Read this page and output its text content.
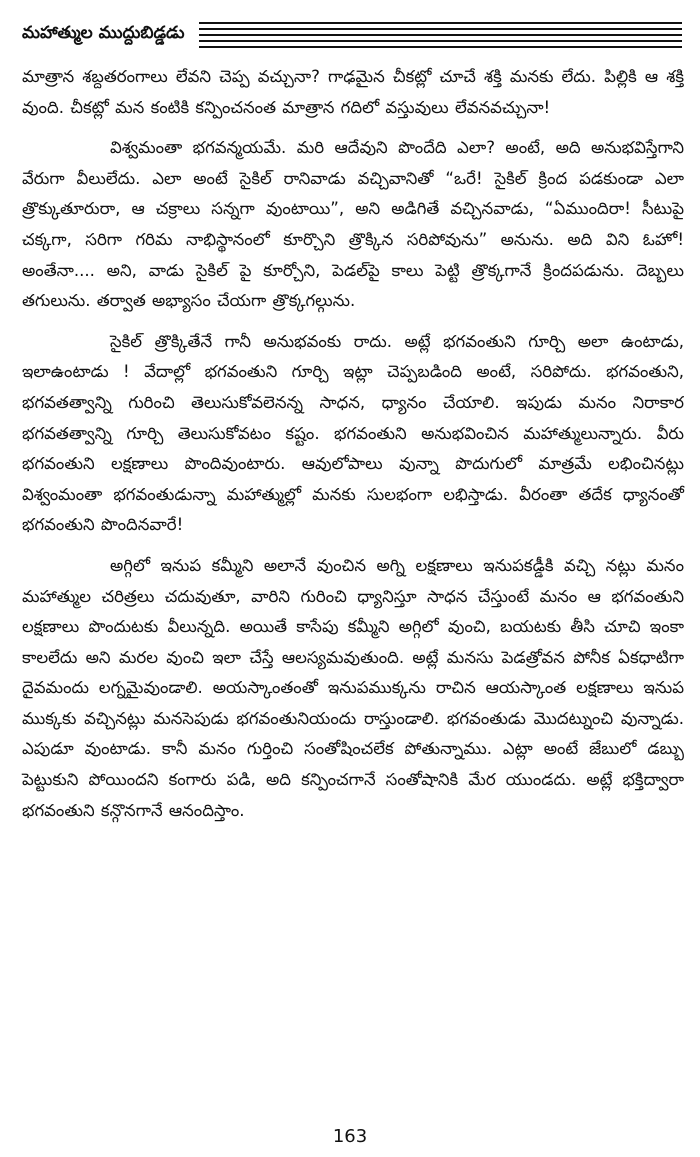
మహాత్ముల ముద్దుబిడ్డడు

మాత్రాన శబ్దతరంగాలు లేవని చెప్ప వచ్చునా? గాఢమైన చీకట్లో చూచే శక్తి మనకు లేదు. పిల్లికి ఆ శక్తి వుంది. చీకట్లో మన కంటికి కన్పించనంత మాత్రాన గదిలో వస్తువులు లేవనవచ్చునా!

విశ్వమంతా భగవన్మయమే. మరి ఆదేవుని పొందేది ఎలా? అంటే, అది అనుభవిస్తేగాని వేరుగా వీలులేదు. ఎలా అంటే సైకిల్ రానివాడు వచ్చివానితో “ఒరే! సైకిల్ క్రింద పడకుండా ఎలా త్రొక్కుతూరురా, ఆ చక్రాలు సన్నగా వుంటాయి”, అని అడిగితే వచ్చినవాడు, “ఏముందిరా! సీటుపై చక్కగా, సరిగా గరిమ నాభిస్థానంలో కూర్చొని త్రొక్కిన సరిపోవును” అనును. అది విని ఓహో! అంతేనా.... అని, వాడు సైకిల్ పై కూర్చోని, పెడల్‌పై కాలు పెట్టి త్రొక్కగానే క్రిందపడును. దెబ్బలు తగులును. తర్వాత అభ్యాసం చేయగా త్రొక్కగల్గును.

సైకిల్ త్రొక్కితేనే గానీ అనుభవంకు రాదు. అట్లే భగవంతుని గూర్చి అలా ఉంటాడు, ఇలాఉంటాడు ! వేదాల్లో భగవంతుని గూర్చి ఇట్లా చెప్పబడింది అంటే, సరిపోదు. భగవంతుని, భగవతత్వాన్ని గురించి తెలుసుకోవలెనన్న సాధన, ధ్యానం చేయాలి. ఇపుడు మనం నిరాకార భగవతత్వాన్ని గూర్చి తెలుసుకోవటం కష్టం. భగవంతుని అనుభవించిన మహాత్ములున్నారు. వీరు భగవంతుని లక్షణాలు పొందివుంటారు. ఆవులోపాలు వున్నా పొదుగులో మాత్రమే లభించినట్లు విశ్వంమంతా భగవంతుడున్నా మహాత్ముల్లో మనకు సులభంగా లభిస్తాడు. వీరంతా తదేక ధ్యానంతో భగవంతుని పొందినవారే!

అగ్గిలో ఇనుప కమ్మీని అలానే వుంచిన అగ్ని లక్షణాలు ఇనుపకడ్డీకి వచ్చి నట్లు మనం మహాత్ముల చరిత్రలు చదువుతూ, వారిని గురించి ధ్యానిస్తూ సాధన చేస్తుంటే మనం ఆ భగవంతుని లక్షణాలు పొందుటకు వీలున్నది. అయితే కాసేపు కమ్మీని అగ్గిలో వుంచి, బయటకు తీసి చూచి ఇంకా కాలలేదు అని మరల వుంచి ఇలా చేస్తే ఆలస్యమవుతుంది. అట్లే మనసు పెడత్రోవన పోనీక ఏకధాటిగా దైవమందు లగ్నమైవుండాలి. అయస్కాంతంతో ఇనుపముక్కను రాచిన ఆయస్కాంత లక్షణాలు ఇనుప ముక్కకు వచ్చినట్లు మనసెపుడు భగవంతునియందు రాస్తుండాలి. భగవంతుడు మొదట్నుంచి వున్నాడు. ఎపుడూ వుంటాడు. కానీ మనం గుర్తించి సంతోషించలేక పోతున్నాము. ఎట్లా అంటే జేబులో డబ్బు పెట్టుకుని పోయిందని కంగారు పడి, అది కన్పించగానే సంతోషానికి మేర యుండదు. అట్లే భక్తిద్వారా భగవంతుని కన్గొనగానే ఆనందిస్తాం.

163
